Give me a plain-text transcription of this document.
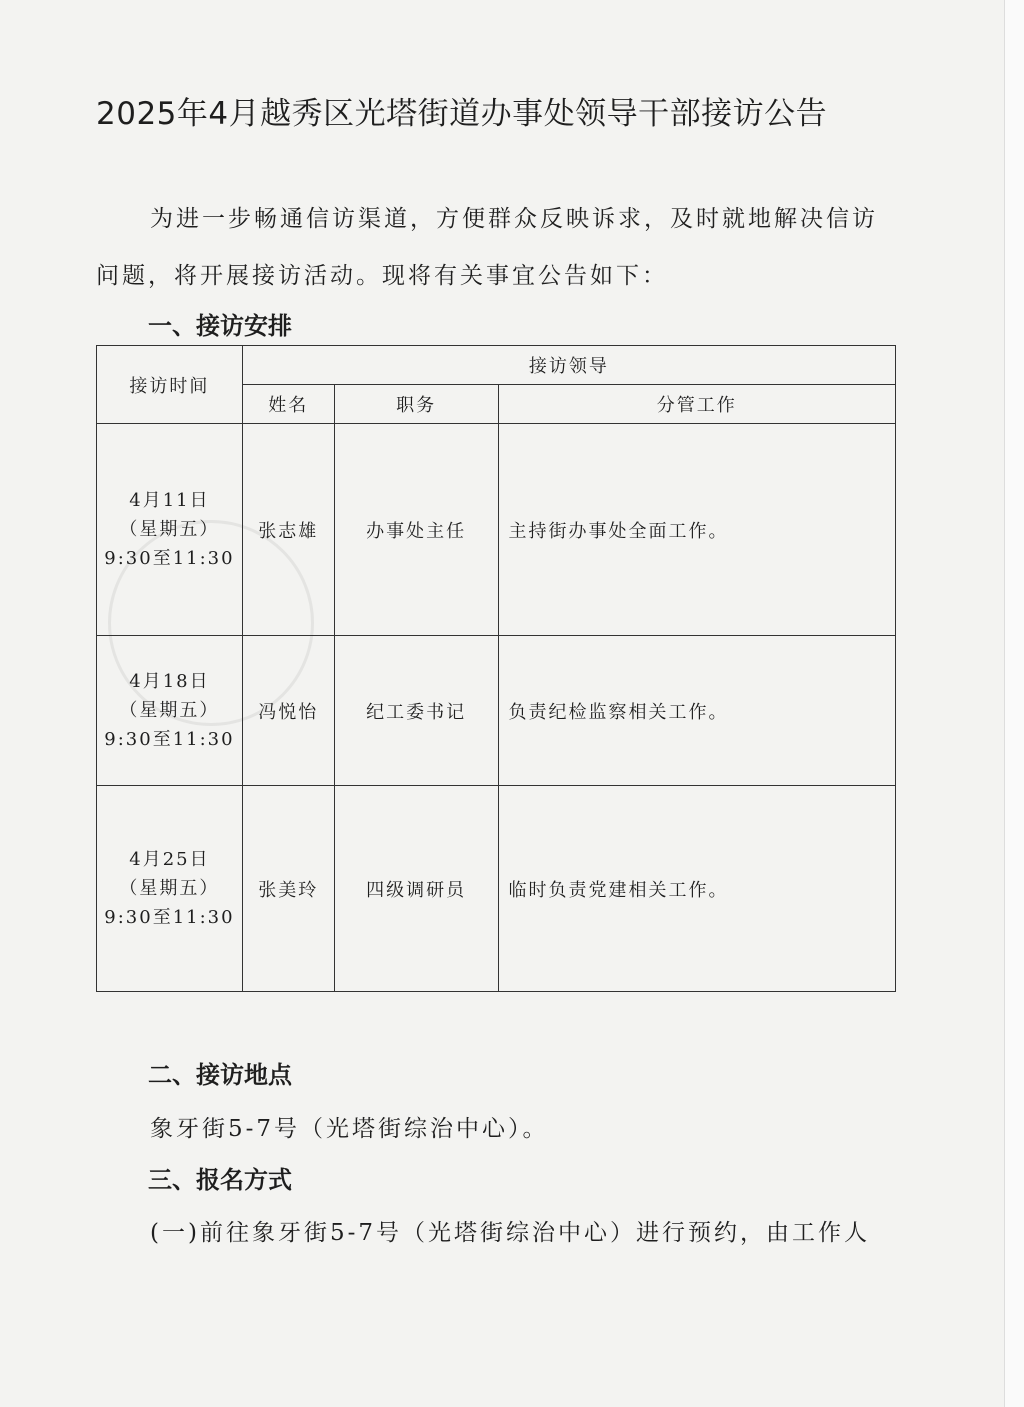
2025年4月越秀区光塔街道办事处领导干部接访公告
为进一步畅通信访渠道，方便群众反映诉求，及时就地解决信访
问题，将开展接访活动。现将有关事宜公告如下：
一、接访安排
接访时间	接访领导		
	姓名	职务	分管工作

4月11日
（星期五）
9:30至11:30	张志雄	办事处主任	主持街办事处全面工作。

4月18日
（星期五）
9:30至11:30	冯悦怡	纪工委书记	负责纪检监察相关工作。

4月25日
（星期五）
9:30至11:30	张美玲	四级调研员	临时负责党建相关工作。
二、接访地点
象牙街5-7号（光塔街综治中心）。
三、报名方式
(一)前往象牙街5-7号（光塔街综治中心）进行预约，由工作人
